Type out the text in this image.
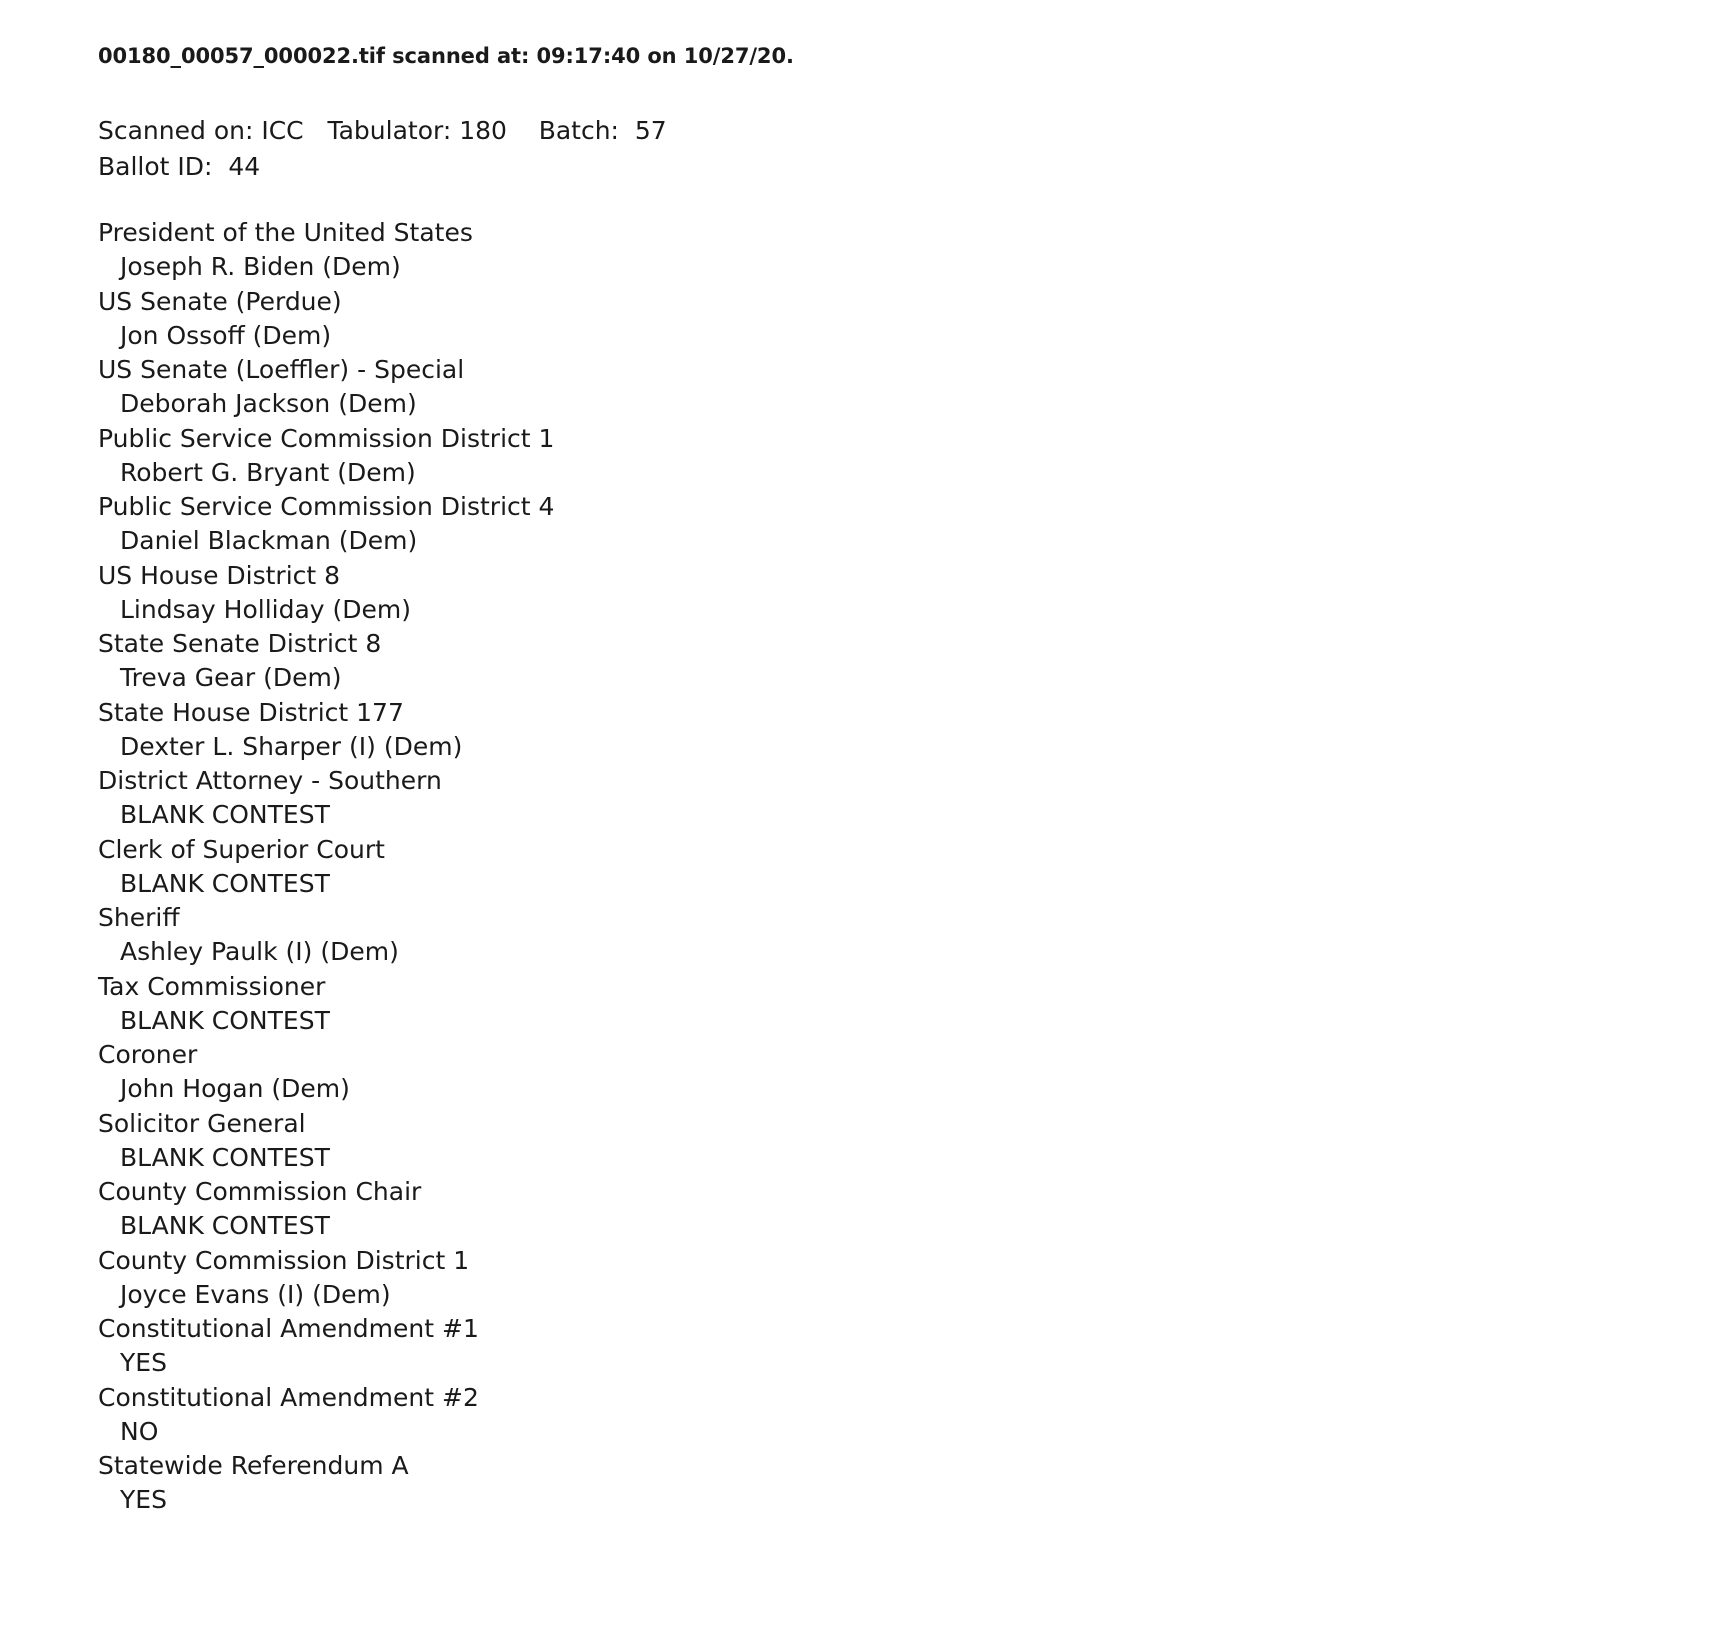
00180_00057_000022.tif scanned at: 09:17:40 on 10/27/20.
Scanned on: ICC   Tabulator: 180    Batch:  57
Ballot ID:  44
President of the United States
Joseph R. Biden (Dem)
US Senate (Perdue)
Jon Ossoff (Dem)
US Senate (Loeffler) - Special
Deborah Jackson (Dem)
Public Service Commission District 1
Robert G. Bryant (Dem)
Public Service Commission District 4
Daniel Blackman (Dem)
US House District 8
Lindsay Holliday (Dem)
State Senate District 8
Treva Gear (Dem)
State House District 177
Dexter L. Sharper (I) (Dem)
District Attorney - Southern
BLANK CONTEST
Clerk of Superior Court
BLANK CONTEST
Sheriff
Ashley Paulk (I) (Dem)
Tax Commissioner
BLANK CONTEST
Coroner
John Hogan (Dem)
Solicitor General
BLANK CONTEST
County Commission Chair
BLANK CONTEST
County Commission District 1
Joyce Evans (I) (Dem)
Constitutional Amendment #1
YES
Constitutional Amendment #2
NO
Statewide Referendum A
YES
